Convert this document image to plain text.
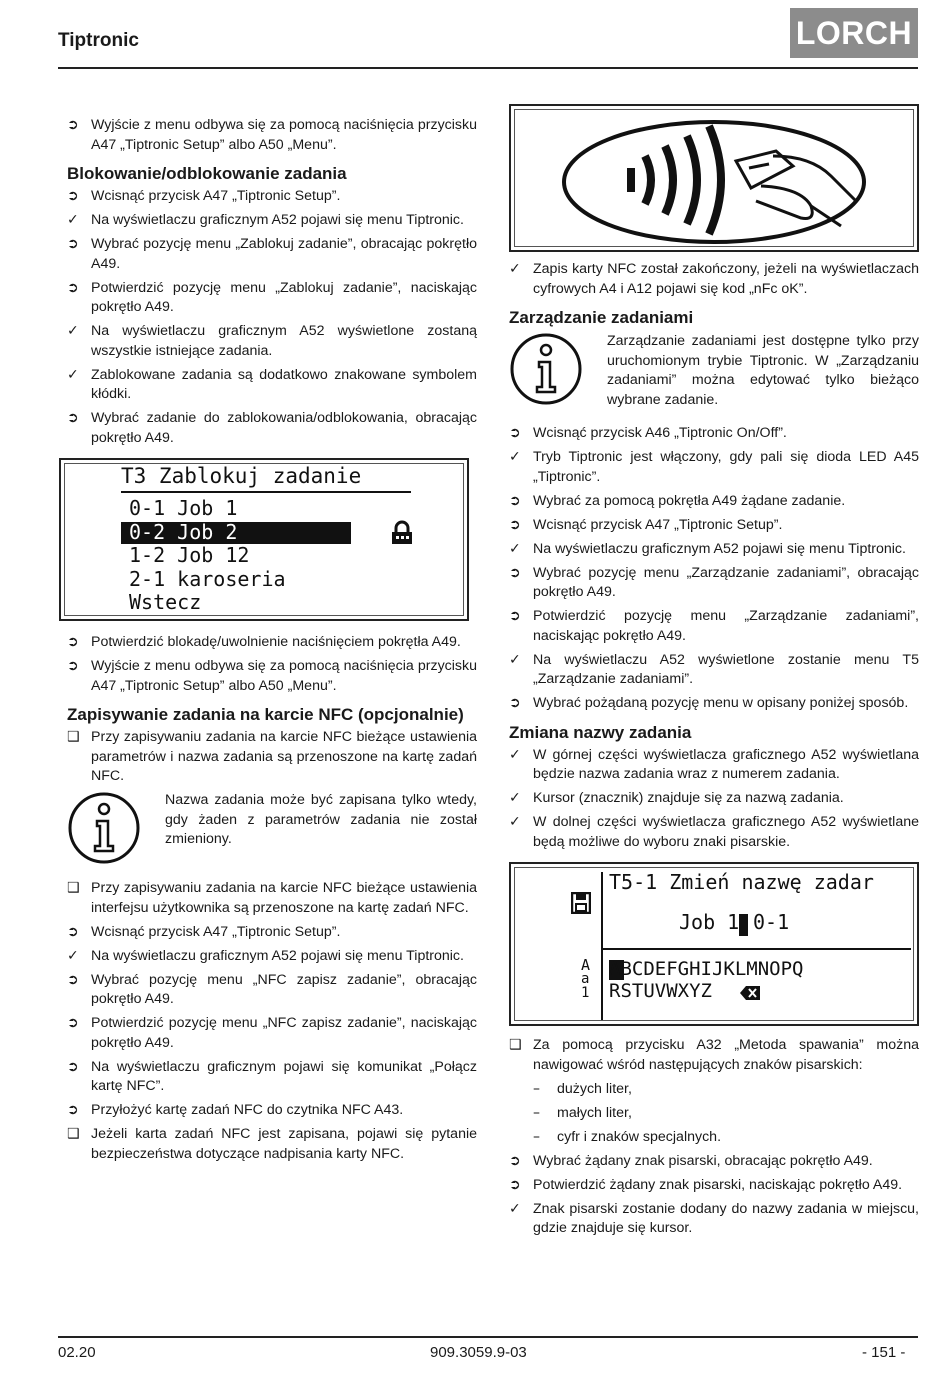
Tiptronic	LORCH
➲ Wyjście z menu odbywa się za pomocą naciśnięcia przycisku A47 „Tiptronic Setup” albo A50 „Menu”.
Blokowanie/odblokowanie zadania
➲ Wcisnąć przycisk A47 „Tiptronic Setup”.
✓ Na wyświetlaczu graficznym A52 pojawi się menu Tiptronic.
➲ Wybrać pozycję menu „Zablokuj zadanie”, obracając pokrętło A49.
➲ Potwierdzić pozycję menu „Zablokuj zadanie”, naciskając pokrętło A49.
✓ Na wyświetlaczu graficznym A52 wyświetlone zostaną wszystkie istniejące zadania.
✓ Zablokowane zadania są dodatkowo znakowane symbolem kłódki.
➲ Wybrać zadanie do zablokowania/odblokowania, obracając pokrętło A49.
T3 Zablokuj zadanie
0-1 Job 1
0-2 Job 2
1-2 Job 12
2-1 karoseria
Wstecz
➲ Potwierdzić blokadę/uwolnienie naciśnięciem pokrętła A49.
➲ Wyjście z menu odbywa się za pomocą naciśnięcia przycisku A47 „Tiptronic Setup” albo A50 „Menu”.
Zapisywanie zadania na karcie NFC (opcjonalnie)
❑ Przy zapisywaniu zadania na karcie NFC bieżące ustawienia parametrów i nazwa zadania są przenoszone na kartę zadań NFC.
Nazwa zadania może być zapisana tylko wtedy, gdy żaden z parametrów zadania nie został zmieniony.
❑ Przy zapisywaniu zadania na karcie NFC bieżące ustawienia interfejsu użytkownika są przenoszone na kartę zadań NFC.
➲ Wcisnąć przycisk A47 „Tiptronic Setup”.
✓ Na wyświetlaczu graficznym A52 pojawi się menu Tiptronic.
➲ Wybrać pozycję menu „NFC zapisz zadanie”, obracając pokrętło A49.
➲ Potwierdzić pozycję menu „NFC zapisz zadanie”, naciskając pokrętło A49.
➲ Na wyświetlaczu graficznym pojawi się komunikat „Połącz kartę NFC”.
➲ Przyłożyć kartę zadań NFC do czytnika NFC A43.
❑ Jeżeli karta zadań NFC jest zapisana, pojawi się pytanie bezpieczeństwa dotyczące nadpisania karty NFC.
✓ Zapis karty NFC został zakończony, jeżeli na wyświetlaczach cyfrowych A4 i A12 pojawi się kod „nFc oK”.
Zarządzanie zadaniami
Zarządzanie zadaniami jest dostępne tylko przy uruchomionym trybie Tiptronic. W „Zarządzaniu zadaniami” można edytować tylko bieżąco wybrane zadanie.
➲ Wcisnąć przycisk A46 „Tiptronic On/Off”.
✓ Tryb Tiptronic jest włączony, gdy pali się dioda LED A45 „Tiptronic”.
➲ Wybrać za pomocą pokrętła A49 żądane zadanie.
➲ Wcisnąć przycisk A47 „Tiptronic Setup”.
✓ Na wyświetlaczu graficznym A52 pojawi się menu Tiptronic.
➲ Wybrać pozycję menu „Zarządzanie zadaniami”, obracając pokrętło A49.
➲ Potwierdzić pozycję menu „Zarządzanie zadaniami”, naciskając pokrętło A49.
✓ Na wyświetlaczu A52 wyświetlone zostanie menu T5 „Zarządzanie zadaniami”.
➲ Wybrać pożądaną pozycję menu w opisany poniżej sposób.
Zmiana nazwy zadania
✓ W górnej części wyświetlacza graficznego A52 wyświetlana będzie nazwa zadania wraz z numerem zadania.
✓ Kursor (znacznik) znajduje się za nazwą zadania.
✓ W dolnej części wyświetlacza graficznego A52 wyświetlane będą możliwe do wyboru znaki pisarskie.
A
a
1
T5-1 Zmień nazwę zadar
Job 1 0-1
ABCDEFGHIJKLMNOPQ
RSTUVWXYZ
❑ Za pomocą przycisku A32 „Metoda spawania” można nawigować wśród następujących znaków pisarskich:
–	dużych liter,
–	małych liter,
–	cyfr i znaków specjalnych.
➲ Wybrać żądany znak pisarski, obracając pokrętło A49.
➲ Potwierdzić żądany znak pisarski, naciskając pokrętło A49.
✓ Znak pisarski zostanie dodany do nazwy zadania w miejscu, gdzie znajduje się kursor.
02.20	909.3059.9-03	- 151 -
